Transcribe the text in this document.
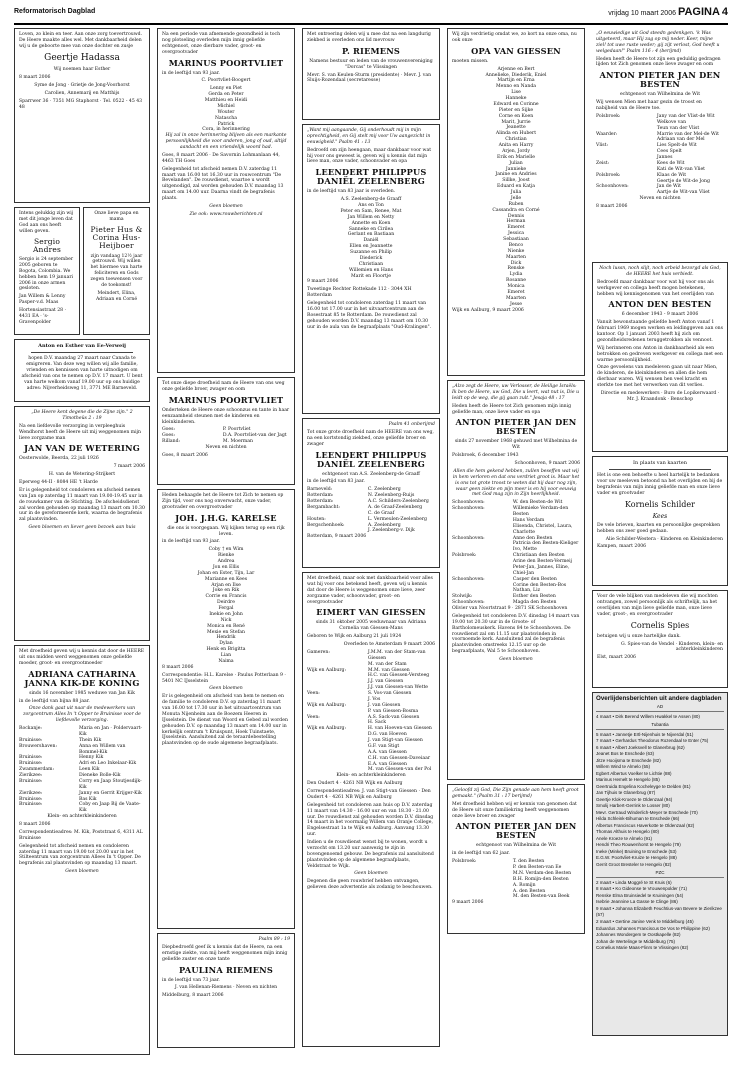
Reformatorisch Dagblad	vrijdag 10 maart 2006 PAGINA 4

Loven, zo klein en teer. Aan onze zorg toevertrouwd. De Heere maakte alles wel. Met dankbaarheid delen wij u de geboorte mee van onze dochter en zusje

Geertje Hadassa

Wij noemen haar Esther

8 maart 2006

Syme de Jong · Grietje de Jong-Voorhorst

Carolien, Annemarij en Matthijs

Sparrwer 36 · 7351 MG Staphorst · Tel. 0522 - 45 43 48

Intens gelukkig zijn wij met dit jonge leven dat God aan ons heeft willen geven.

Sergio Andres

Sergio is 24 september 2005 geboren te Bogota, Colombia. We hebben hem 19 januari 2006 in onze armen gesloten.

Jan Willem & Lenny Pasper-v.d. Maas

Hortensiastraat 28 · 4431 EA · 's-Gravenpolder

Onze lieve papa en mama

Pieter Hus & Corina Hus-Heijboer

zijn vandaag 12½ jaar getrouwd. Wij willen het hiermee van harte feliciteren en Gods zegen toewensen voor de toekomst!

Meindert, Elina, Adriaan en Corné

Anton en Esther van Ee-Verweij

hopen D.V. maandag 27 maart naar Canada te emigreren. Van deze weg willen wij alle familie, vrienden en kennissen van harte uitnodigen om afscheid van ons te nemen op D.V. 17 maart. U bent van harte welkom vanaf 19.00 uur op ons huidige adres: Nijverheidsweg 11, 3771 ME Barneveld.

„De Heere kent degene die de Zijne zijn." 2 Timotheüs 2 : 19

Na een liefdevolle verzorging in verpleeghuis Wendhorst heeft de Heere uit mij weggenomen mijn lieve zorgzame man

JAN VAN DE WETERING

Oosterwolde, Beerda, 22 juli 1926

7 maart 2006

H. van de Wetering-Strijkert

Eperweg 44-II · 8084 HE 't Harde

Er is gelegenheid tot condoleren en afscheid nemen van Jan op zaterdag 11 maart van 19.00-19.45 uur in de rouwkamer van de Stichting. De afscheidsdienst zal worden gehouden op maandag 13 maart om 10.30 uur in de gereformeerde kerk, waarna de begrafenis zal plaatsvinden.

Geen bloemen en liever geen bezoek aan huis

Met droefheid geven wij u kennis dat door de HEERE uit ons midden werd weggenomen onze geliefde moeder, groot- en overgrootmoeder

ADRIANA CATHARINA JANNA KIK-DE KONING

sinds 16 november 1985 weduwe van Jan Kik

in de leeftijd van bijna 88 jaar.

Onze dank gaat uit naar de medewerkers van zorgcentrum Alles In 't Opper te Bruinisse voor de liefdevolle verzorging.

Rockanje:	Maria en Jan · Poldervaart-Kik
Bruinisse:	Thein Kik
Brouwershaven:	Anna en Willem van Bommel-Kik
Bruinisse:	Henny Kik
Bruinisse:	Adri en Leo Inkelaar-Kik
Zwammerdam:	Leen Kik
Zierikzee:	Dieneke Bolle-Kik
Bruinisse:	Corry en Jaap Stoutjesdijk-Kik
Zierikzee:	Janny en Gerrit Krijger-Kik
Bruinisse:	Bas Kik
Bruinisse:	Coby en Jaap Bij de Vaate-Kik

Klein- en achterkleinkinderen

8 maart 2006

Correspondentieadres: M. Kik, Poststraat 6, 4311 AL Bruinisse

Gelegenheid tot afscheid nemen en condoleren zaterdag 11 maart van 19.00 tot 20.00 uur in het Stilteentrum van zorgcentrum Allees In 't Opper. De begrafenis zal plaatsvinden op maandag 13 maart.

Geen bloemen

Na een periode van afnemende gezondheid is toch nog plotseling overleden mijn innig geliefde echtgenoot, onze dierbare vader, groot- en overgrootvader

MARINUS POORTVLIET

in de leeftijd van 93 jaar.

C. Poortvliet-Boogert

Lenny en Piet
Gerda en Peter
Matthieu en Heidi
Michiel
Wouter
Natascha
Patrick
Cora, in herinnering

Hij zal in onze herinnering blijven als een markante persoonlijkheid die voor anderen, jong of oud, altijd aandacht en een vriendelijk woord had.

Goes, 8 maart 2006 · De Savornin Lohmanlaan 44, 4463 TH Goes

Gelegenheid tot afscheid nemen D.V. zaterdag 11 maart van 16.00 tot 16.30 uur in rouwcentrum "De Bevelanden". De rouwdienst, waartoe u wordt uitgenodigd, zal worden gehouden D.V. maandag 13 maart om 14.00 uur. Daarna vindt de begrafenis plaats.

Geen bloemen

Zie ook: www.rouwberichten.nl

Tot onze diepe droefheid nam de Heere van ons weg onze geliefde broer, zwager en oom

MARINUS POORTVLIET

Onderteken de Heere onze schoonzus en tante in haar eenzaamheid steunen met de kinderen en kleinkinderen.

Goes:	P. Poortvliet
Goes:	D.A. Poortvliet-van der Jagt
Rilland:	M. Moerman

Neven en nichten

Goes, 8 maart 2006

Heden behaagde het de Heere tot Zich te nemen op Zijn tijd, voor ons nog onverwacht, onze vader, grootvader en overgrootvader

JOH. J.H.G. KARELSE

die ons is voorgegaan. Wij kijken terug op een rijk leven.

in de leeftijd van 93 jaar.

Coby † en Wim
Rienke
Andrea
Jon en Ellis
Johan en Ester, Tijn, Lar
Marianne en Kees
Arjan en Ilse
Joke en Rik
Corrie en Francis
Deirdre
Fergal
Inekie en John
Nick
Monica en René
Mexie en Stefan
Hendrik
Dylan
Henk en Brigitta
Lian
Naima

8 maart 2006

Correspondentie: H.L. Karelse · Paulus Potterlaan 9 · 5401 NC IJsselstein

Geen bloemen

Er is gelegenheid om afscheid van hem te nemen en de familie te condoleren D.V. op zaterdag 11 maart van 16.00 tot 17.30 uur in het uitvaartcentrum van Monuta Nijenheim aan de Boezem Heeren in IJsselstein. De dienst van Woord en Gebed zal worden gehouden D.V. op maandag 13 maart om 14.00 uur in kerkelijk centrum 't Kruispunt, Hoek Tuinstaete, IJsselstein. Aansluitend zal de teraardebestelling plaatsvinden op de oude algemene begraafplaats.

Psalm 89 : 19

Diepbedroefd geef ik u kennis dat de Heere, na een ernstige ziekte, van mij heeft weggenomen mijn innig geliefde zuster en onze tante

PAULINA RIEMENS

in de leeftijd van 73 jaar.

J. van Hellenan-Riemens · Neven en nichten

Middelburg, 8 maart 2006

Met ontroering delen wij u mee dat na een langdurig ziekbed is overleden ons lid mevrouw

P. RIEMENS

Namens bestuur en leden van de vrouwenvereniging "Dorcas" te Vlissingen

Mevr. S. van Keulen-Sturm (presidente) · Mevr. J. van Sluijs-Rozendaal (secretaresse)

„Want mij aangaande, Gij onderhoudt mij in mijn oprechtigheid, en Gij stelt mij voor Uw aangezicht in eeuwigheid." Psalm 41 : 13

Bedroefd om zijn heengaan, maar dankbaar voor wat hij voor ons geweest is, geven wij u kennis dat mijn lieve man, onze vader, schoonvader en opa

LEENDERT PHILIPPUS DANIËL ZEELENBERG

in de leeftijd van 83 jaar is overleden.

A.S. Zeelenberg-de Graaff
Ans en Ton
Peter en Sam, Renee, Mat
Jan Willem en Netty
Annette en Koen
Sanneke en Cirilea
Gerlant en Bastiaan
Daniël
Ellen en Jeannette
Suzanne en Philip
Diederick
Christiaan
Willemien en Hans
Marit en Floortje

9 maart 2006

Tweetinge Rechter Rottekade 112 · 3044 XH Rotterdam

Gelegenheid tot condoleren zaterdag 11 maart van 16.00 tot 17.00 uur in het uitvaartcentrum aan de Rosestraat 85 te Rotterdam. De rouwdienst zal gehouden worden D.V. maandag 13 maart om 10.30 uur in de aula van de begraafplaats "Oud-Kralingen".

Psalm 41 onberijmd

Tot onze grote droefheid nam de HEERE van ons weg, na een kortstondig ziekbed, onze geliefde broer en zwager

LEENDERT PHILIPPUS DANIËL ZEELENBERG

echtgenoot van A.S. Zeelenberg-de Graaff

in de leeftijd van 83 jaar.

Barneveld:	C. Zeelenberg
Rotterdam:	N. Zeelenberg-Ruijs
Rotterdam:	A.C. Schilders-Zeelenberg
Bergambacht:	A. de Graaf-Zeelenberg
C. de Graaf
Houten:	L. Vermeulen-Zeelenberg
Bergschenhoek:	A. Zeelenberg
J. Zeelenberg-v. Dijk

Rotterdam, 9 maart 2006

Met droefheid, maar ook met dankbaarheid voor alles wat hij voor ons betekend heeft, geven wij u kennis dat door de Heere is weggenomen onze lieve, zeer zorgzame vader, schoonvader, groot- en overgrootvader

EIMERT VAN GIESSEN

sinds 31 oktober 2005 weduwnaar van Adriana Cornelia van Giessen-Mans

Geboren te Wijk en Aalburg 21 juli 1924

Overleden te Amsterdam 9 maart 2006

Gameren:	J.M.M. van der Stam-van Giessen
M. van der Stam
Wijk en Aalburg:	M.M. van Giessen
H.C. van Giessen-Versteeg
J.J. van Giessen
J.J. van Giessen-van Wette
Veen:	S. Vos-van Giessen
J. Vos
Wijk en Aalburg:	J. van Giessen
P. van Giessen-Bosma
Veen:	A.S. Sack-van Giessen
H. Sack
Wijk en Aalburg:	H. van Hoeven-van Giessen
D.G. van Hoeven
J. van Stigt-van Giessen
G.F. van Stigt
A.A. van Giessen
C.H. van Giessen-Daveiaar
E.A. van Giessen
M. van Giessen-van der Pol

Klein- en achterkleinkinderen

Den Oudert 4 · 4261 NB Wijk en Aalburg

Correspondentieadres: J. van Stigt-van Giessen · Den Oudert 4 · 4261 NB Wijk en Aalburg

Gelegenheid tot condoleren aan huis op D.V. zaterdag 11 maart van 14.30 - 16.00 uur en van 18.30 - 21.00 uur. De rouwdienst zal gehouden worden D.V. dinsdag 14 maart in het voormalig Willem van Oranje College, Engelsestraat 1a te Wijk en Aalburg. Aanvang 13.30 uur.

Indien u de rouwdienst wenst bij te wonen, wordt u verzocht om 13.20 uur aanwezig te zijn in bovengenoemd gebouw. De begrafenis zal aansluitend plaatsvinden op de algemene begraafplaats, Veldstraat te Wijk.

Geen bloemen

Degenen die geen rouwbrief hebben ontvangen, gelieven deze advertentie als zodanig te beschouwen.

Wij zijn verdrietig omdat we, zo kort na onze oma, nu ook onze

OPA VAN GIESSEN

moeten missen.

Arjenne en Bert
Annelieke, Diederik, Eniel
Martijn en Erna
Menno en Nanda
Lise
Hanneke
Edward en Corinne
Pieter en Sijke
Corne en Koen
Marit, Jurrie
Jeanette
Alinda en Hubert
Christian
Anita en Harry
Arjen, Jordy
Erik en Marielle
Julian
Jannieke
Janine en Andries
Sillke, Joost
Eduard en Katja
Julia
Jelle
Ruben
Cassandra en Corné
Dennis
Herman
Emeret
Jessica
Sebastiaan
Benco
Nienke
Maarten
Dick
Renske
Lydia
Rosanne
Monica
Emeret
Maarten
Jesse

Wijk en Aalburg, 9 maart 2006

„Alzo zegt de Heere, uw Verlosser, de Heilige Israëls: Ik ben de Heere, uw God, Die u leert, wat nut is, Die u leidt op de weg, die gij gaan zult." Jesaja 48 : 17

Heden heeft de Heere tot Zich genomen mijn innig geliefde man, onze lieve vader en opa

ANTON PIETER JAN DEN BESTEN

sinds 27 november 1968 gehuwd met Wilhelmina de Wit

Polsbroek, 6 december 1943

Schoonhoven, 9 maart 2006

Allen die hem gekend hebben, zullen beseffen wat wij in hem verloren en dat ons verdriet groot is. Maar het is ons tot grote troost te weten dat hij daar nog zijn, waar geen ziekte en pijn meer is en hij voor eeuwig met God mag zijn in Zijn heerlijkheid.

Schoonhoven:	W. den Besten-de Wit
Schoonhoven:	Willemieke Verdam-den Besten
Hans Verdam
Elisenda, Christel, Laura, Charlotte
Schoonhoven:	Anne den Besten
Patricia den Besten-Kieliger
Ivo, Mette
Polsbroek:	Christiaan den Besten
Arine den Besten-Vermeij
Peter-Jan, Jannes, Eline, Chiel-Jan
Schoonhoven:	Casper den Besten
Corine den Besten-Bos
Nathan, Liz
Stolwijk:	Esther den Besten
Schoonhoven:	Magda den Besten

Olivier van Noortstraat 9 · 2871 SK Schoonhoven

Gelegenheid tot condoleren D.V. dinsdag 14 maart van 19.00 tot 20.30 uur in de Groote- of Bartholomeuskerk. Havens 84 te Schoonhoven. De rouwdienst zal om 11.15 uur plaatsvinden in voornoemde kerk. Aansluitend zal de begrafenis plaatsvinden omstreeks 12.15 uur op de begraafplaats, Wal 5 te Schoonhoven.

Geen bloemen

„Geloofd zij God, Die Zijn genade aan hem heeft groot gemaakt." (Psalm 31 : 17 berijmd)

Met droefheid hebben wij er kennis van genomen dat de Heere uit onze familiekring heeft weggenomen onze lieve broer en zwager

ANTON PIETER JAN DEN BESTEN

echtgenoot van Wilhelmina de Wit

in de leeftijd van 62 jaar.

Polsbroek:	T. den Besten
P. den Besten-van Ee
M.N. Verdam-den Besten
B.H. Romijn-den Besten
A. Romijn
A. den Besten
M. den Besten-van Beek

9 maart 2006

„O eeuwiedige uit God steedn gedenkgen. 'k Was uitgeteerd, maar Hij zag op mij neder. Keer, mijne ziel! tot uwe ruste weder; gij zijt verlost, God heeft u welgedaan!" Psalm 116 : 4 (berijmd)

Heden heeft de Heere tot zijn een geduldig gedragen lijden tot Zich genomen onze lieve zwager en oom

ANTON PIETER JAN DEN BESTEN

echtgenoot van Wilhelmina de Wit

Wij wensen Mien met haar gezin de troost en nabijheid van de Heere toe.

Polsbroek:	Jany van der Vlist-de Wit
Welkove van
Teun van der Vlist
Waarder:	Marrie van der Mel-de Wit
Adriaan van der Mel
Vlist:	Lies Spelt-de Wit
Cees Spelt
Jannes
Zeist:	Kees de Wit
Kati de Wit-van Vliet
Polsbroek:	Klaas de Wit
Geertje de Wit-de Jong
Schoonhoven:	Jan de Wit
Aartje de Wit-van Vliet

Neven en nichten

8 maart 2006

Noch lussn, noch slijt, noch arbeid bezorgd als God, de HEERE het huis verbiedt.

Bedroefd maar dankbaar voor wat hij voor ons als werkgever en collega heeft mogen betekenen, hebben wij kennisgenomen van het overlijden van

ANTON DEN BESTEN

6 december 1943 - 9 maart 2006

Vanuit bewonstaande geliefde heeft Anton vanaf 1 februari 1969 mogen werken en leidinggeven aan ons kantoor. Op 1 januari 2003 heeft hij zich om gezondheidsredenen teruggetrokken als vennoot.

Wij herinneren ons Anton in dankbaarheid als een betrokken en gedreven werkgever en collega met een warme persoonlijkheid.

Onze gevoelens van medeleven gaan uit naar Mien, de kinderen, de kleinkinderen en allen die hem dierbaar waren. Wij wensen hen veel kracht en sterkte toe met het verwerken van dit verlies.

Directie en medewerkers · Buro de Lopikerwaard · Mr. J. Kraandonk · Benschop

In plaats van kaarten

Het is one een behoefte u heel hartelijk te bedanken voor uw meeleven betoond na het overlijden en bij de begrafenis van mijn innig geliefde man en onze lieve vader en grootvader

Kornelis Schilder

Kees

De vele brieven, kaarten en persoonlijke gesprekken hebben ons zeer goed gedaan.

Alie Schilder-Westera · Kinderen en Kleinkinderen

Kampen, maart 2006

Voor de vele blijken van medeleven die wij mochten ontvangen, zowel persoonlijk als schriftelijk, na het overlijden van mijn lieve geliefde man, onze lieve vader, groot-, en overgrootvader

Cornelis Spies

betuigen wij u onze hartelijke dank.

G. Spies-van de Vendel · Kinderen, klein- en achterkleinkinderen

Elst, maart 2006

Overlijdensberichten uit andere dagbladen
AD
4 maart • Dirk Berend Willem Hwakkel te Assen (80)
Tubantia
5 maart • Jannetje Ertl-Nijenhuis te Nijverdal (51)
7 maart • Gerhardus Theodorus Rozendaal te Enter (75)
6 maart • Albert Joeksvell te Glanerbrug (62)
Jeanet Bos te Enschede (63)
Jitze Hooijsma te Enschede (82)
Willem Wind te Almelo (55)
Egbert Albertus Voelker te Lichtie (88)
Marinus Hemelt te Hengelo (85)
Geertruida Engelina Kocheleyge te Delden (81)
Jan Tijhuis te Glanerbrug (87)
Geertje Klok-Kroeze te Oldenzaal (94)
Smolij Harbert-Gerrink te Losser (80)
Mevr. Gertraud Winderlich-Meyer te Enschede (70)
Hilda Schleink-Bihuman te Enschede (66)
Albertus Franciscus Haverkotte te Oldenzaal (82)
Thomas Althuis te Hengelo (80)
Anele Kroeze te Almelo (91)
Hendri Theo Rouwenhorst te Hengelo (79)
Ineke (Minke) Bruining te Enschede (53)
E.G.W. Poortvliet-Kruize te Hengelo (88)
Gerrit Groot Bresteler te Hengelo (82)
PZC
2 maart • Linda Moggré te St Kruis (6)
8 maart • Ko Gideonse te Vrouwenpolder (71)
Renske Elma Bruinsiedel te Kruiningen (54)
Isebrie Jeannine La Gasse te Clinge (86)
9 maart • Johanna Elizabeth Feuchtius-van Bevere te Zierikzee (57)
2 maart • Gertine Janine Venk te Middelburg (45)
Eduardus Johannes Franciscus De Vos te Philippine (62)
Johannes Wondergem te Oostkapelle (82)
Johan de Wertelinge te Middelburg (75)
Cornelius Marie Maas-Flinrs te Vlissingen (82)
